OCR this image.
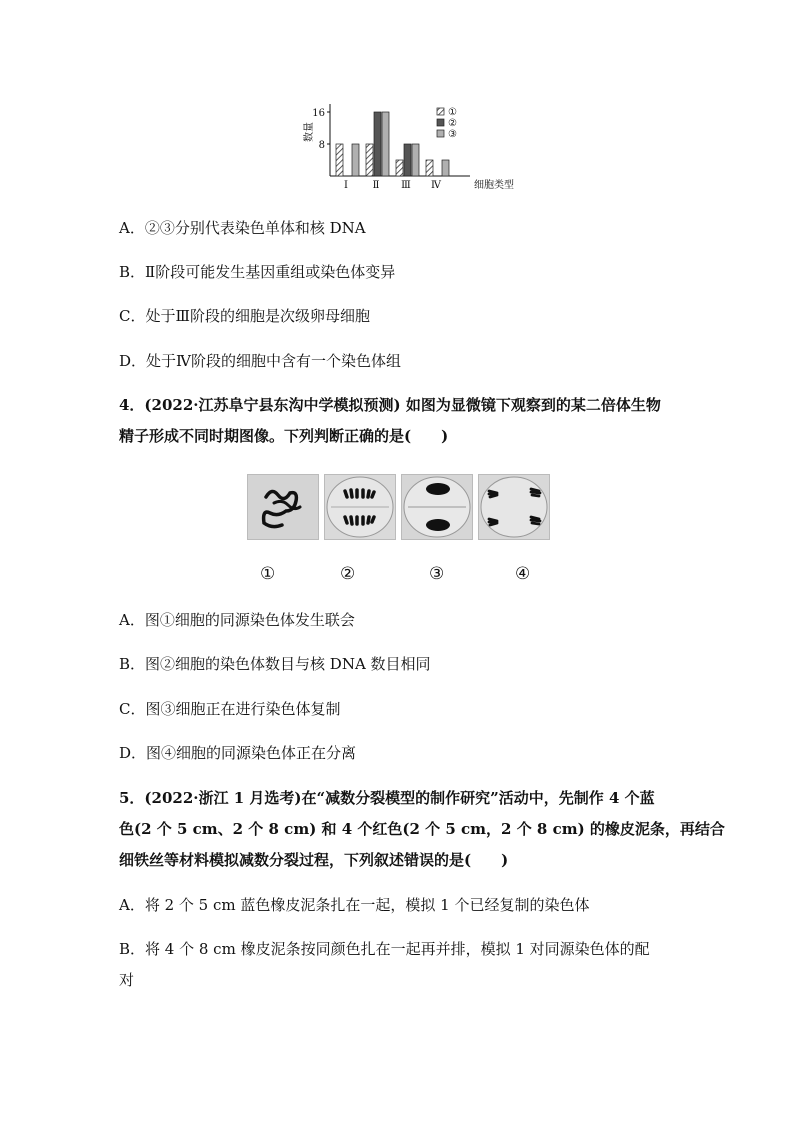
8
16
数量
Ⅰ Ⅱ Ⅲ Ⅳ	细胞类型
①
②
③
A．②③分别代表染色单体和核 DNA
B．Ⅱ阶段可能发生基因重组或染色体变异
C．处于Ⅲ阶段的细胞是次级卵母细胞
D．处于Ⅳ阶段的细胞中含有一个染色体组
4．(2022·江苏阜宁县东沟中学模拟预测) 如图为显微镜下观察到的某二倍体生物
精子形成不同时期图像。下列判断正确的是(　　)
①	②	③	④
A．图①细胞的同源染色体发生联会
B．图②细胞的染色体数目与核 DNA 数目相同
C．图③细胞正在进行染色体复制
D．图④细胞的同源染色体正在分离
5．(2022·浙江 1 月选考)在“减数分裂模型的制作研究”活动中，先制作 4 个蓝
色(2 个 5 cm、2 个 8 cm) 和 4 个红色(2 个 5 cm，2 个 8 cm) 的橡皮泥条，再结合
细铁丝等材料模拟减数分裂过程，下列叙述错误的是(　　)
A．将 2 个 5 cm 蓝色橡皮泥条扎在一起，模拟 1 个已经复制的染色体
B．将 4 个 8 cm 橡皮泥条按同颜色扎在一起再并排，模拟 1 对同源染色体的配
对
